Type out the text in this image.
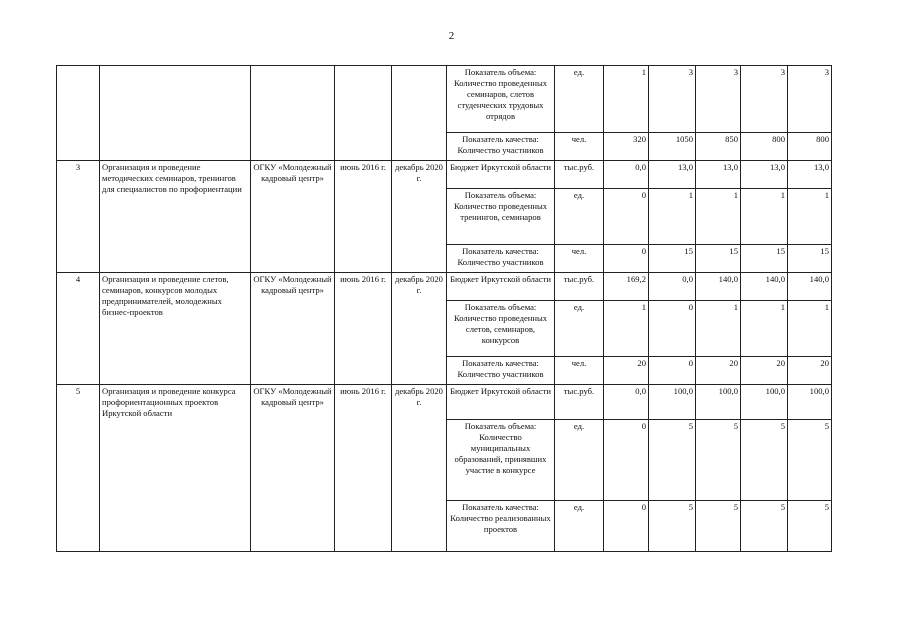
2
					Показатель объема: Количество проведенных семинаров, слетов студенческих трудовых отрядов	ед.	1	3	3	3	3
					Показатель качества: Количество участников	чел.	320	1050	850	800	800
3	Организация и проведение методических семинаров, тренингов для специалистов по профориентации	ОГКУ «Молодежный кадровый центр»	июнь 2016 г.	декабрь 2020 г.	Бюджет Иркутской области	тыс.руб.	0,0	13,0	13,0	13,0	13,0
					Показатель объема: Количество проведенных тренингов, семинаров	ед.	0	1	1	1	1
					Показатель качества: Количество участников	чел.	0	15	15	15	15
4	Организация и проведение слетов, семинаров, конкурсов молодых предпринимателей, молодежных бизнес-проектов	ОГКУ «Молодежный кадровый центр»	июнь 2016 г.	декабрь 2020 г.	Бюджет Иркутской области	тыс.руб.	169,2	0,0	140,0	140,0	140,0
					Показатель объема: Количество проведенных слетов, семинаров, конкурсов	ед.	1	0	1	1	1
					Показатель качества: Количество участников	чел.	20	0	20	20	20
5	Организация и проведение конкурса профориентационных проектов Иркутской области	ОГКУ «Молодежный кадровый центр»	июнь 2016 г.	декабрь 2020 г.	Бюджет Иркутской области	тыс.руб.	0,0	100,0	100,0	100,0	100,0
					Показатель объема: Количество муниципальных образований, принявших участие в конкурсе	ед.	0	5	5	5	5
					Показатель качества: Количество реализованных проектов	ед.	0	5	5	5	5
